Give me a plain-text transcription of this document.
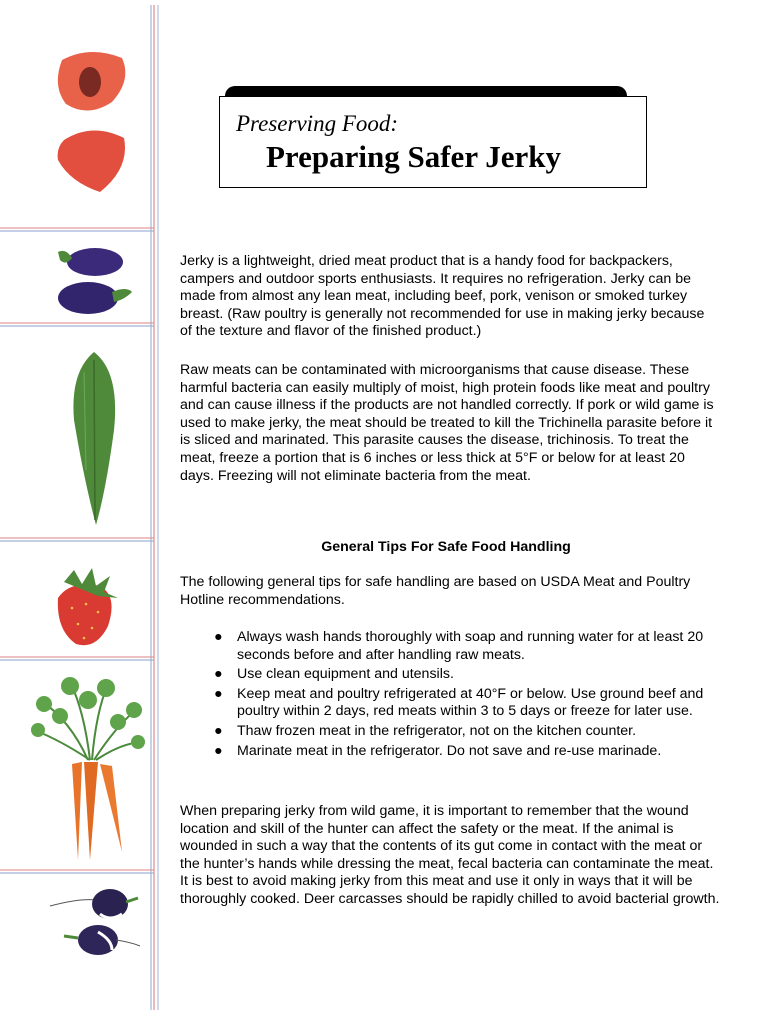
Preserving Food:
Preparing Safer Jerky

Jerky is a lightweight, dried meat product that is a handy food for backpackers, campers and outdoor sports enthusiasts. It requires no refrigeration. Jerky can be made from almost any lean meat, including beef, pork, venison or smoked turkey breast. (Raw poultry is generally not recommended for use in making jerky because of the texture and flavor of the finished product.)

Raw meats can be contaminated with microorganisms that cause disease. These harmful bacteria can easily multiply of moist, high protein foods like meat and poultry and can cause illness if the products are not handled correctly. If pork or wild game is used to make jerky, the meat should be treated to kill the Trichinella parasite before it is sliced and marinated. This parasite causes the disease, trichinosis. To treat the meat, freeze a portion that is 6 inches or less thick at 5°F or below for at least 20 days. Freezing will not eliminate bacteria from the meat.

General Tips For Safe Food Handling

The following general tips for safe handling are based on USDA Meat and Poultry Hotline recommendations.

● Always wash hands thoroughly with soap and running water for at least 20 seconds before and after handling raw meats.
● Use clean equipment and utensils.
● Keep meat and poultry refrigerated at 40°F or below. Use ground beef and poultry within 2 days, red meats within 3 to 5 days or freeze for later use.
● Thaw frozen meat in the refrigerator, not on the kitchen counter.
● Marinate meat in the refrigerator. Do not save and re-use marinade.

When preparing jerky from wild game, it is important to remember that the wound location and skill of the hunter can affect the safety or the meat. If the animal is wounded in such a way that the contents of its gut come in contact with the meat or the hunter’s hands while dressing the meat, fecal bacteria can contaminate the meat. It is best to avoid making jerky from this meat and use it only in ways that it will be thoroughly cooked. Deer carcasses should be rapidly chilled to avoid bacterial growth.
